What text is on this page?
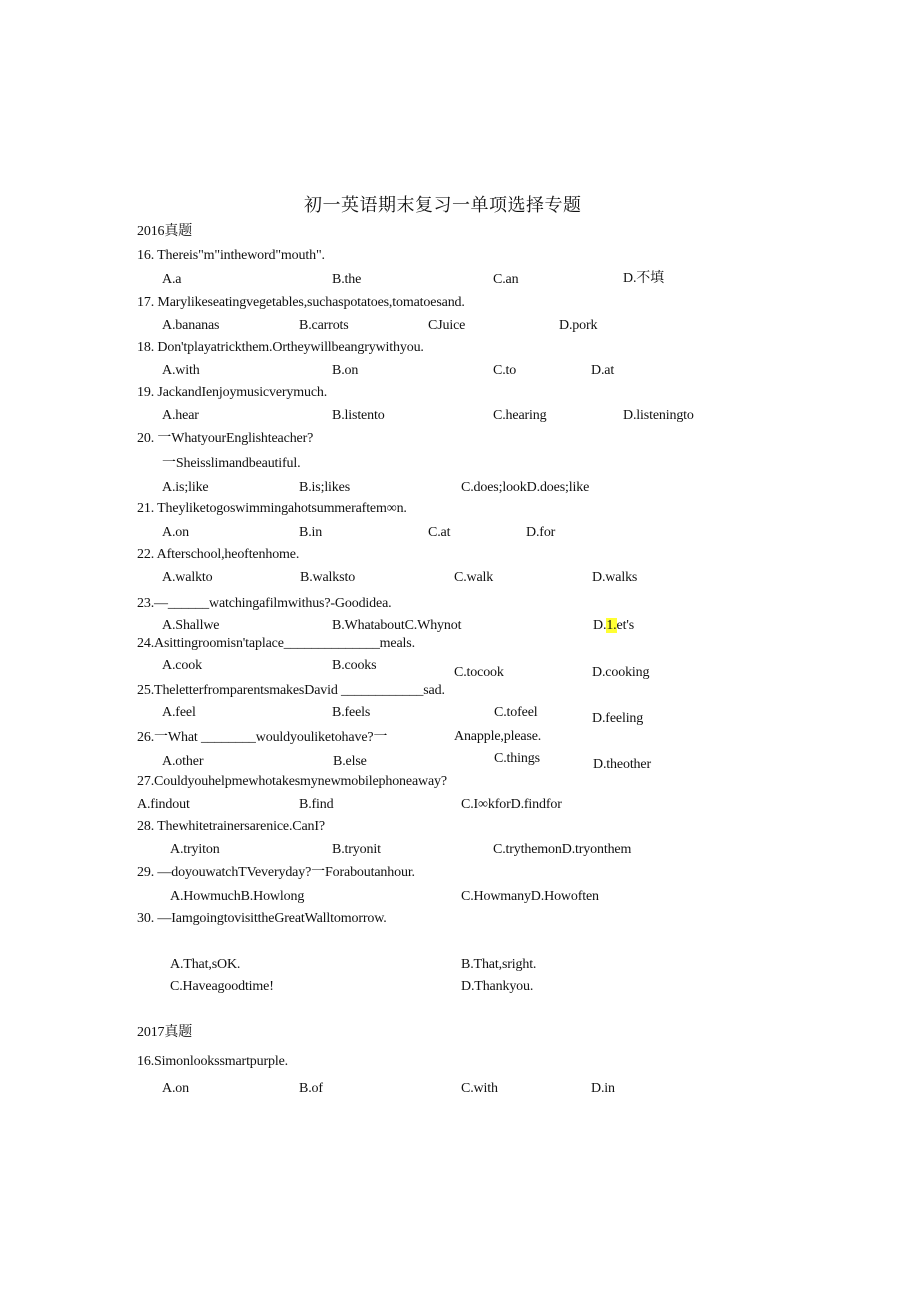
初一英语期末复习一单项选择专题
2016真题
16. Thereis"m"intheword"mouth".
A.a	B.the	C.an	D.不填
17. Marylikeseatingvegetables,suchaspotatoes,tomatoesand.
A.bananas	B.carrots	CJuice	D.pork
18. Don'tplayatrickthem.Ortheywillbeangrywithyou.
A.with	B.on	C.to	D.at
19. JackandIenjoymusicverymuch.
A.hear	B.listento	C.hearing	D.listeningto
20. 一WhatyourEnglishteacher?
一Sheisslimandbeautiful.
A.is;like	B.is;likes	C.does;lookD.does;like
21. Theyliketogoswimmingahotsummeraftem∞n.
A.on	B.in	C.at	D.for
22. Afterschool,heoftenhome.
A.walkto	B.walksto	C.walk	D.walks
23.—______watchingafilmwithus?-Goodidea.
A.Shallwe	B.WhataboutC.Whynot	D.1.et's
24.Asittingroomisn'taplace______________meals.
A.cook	B.cooks	C.tocook	D.cooking
25.TheletterfromparentsmakesDavid ____________sad.
A.feel	B.feels	C.tofeel	D.feeling
26.一What ________wouldyouliketohave?一	Anapple,please.
A.other	B.else	C.things	D.theother
27.Couldyouhelpmewhotakesmynewmobilephoneaway?
A.findout	B.find	C.I∞kforD.findfor
28. Thewhitetrainersarenice.CanI?
A.tryiton	B.tryonit	C.trythemonD.tryonthem
29. —doyouwatchTVeveryday?一Foraboutanhour.
A.HowmuchB.Howlong	C.HowmanyD.Howoften
30. —IamgoingtovisittheGreatWalltomorrow.
A.That,sOK.	B.That,sright.
C.Haveagoodtime!	D.Thankyou.
2017真题
16.Simonlookssmartpurple.
A.on	B.of	C.with	D.in
